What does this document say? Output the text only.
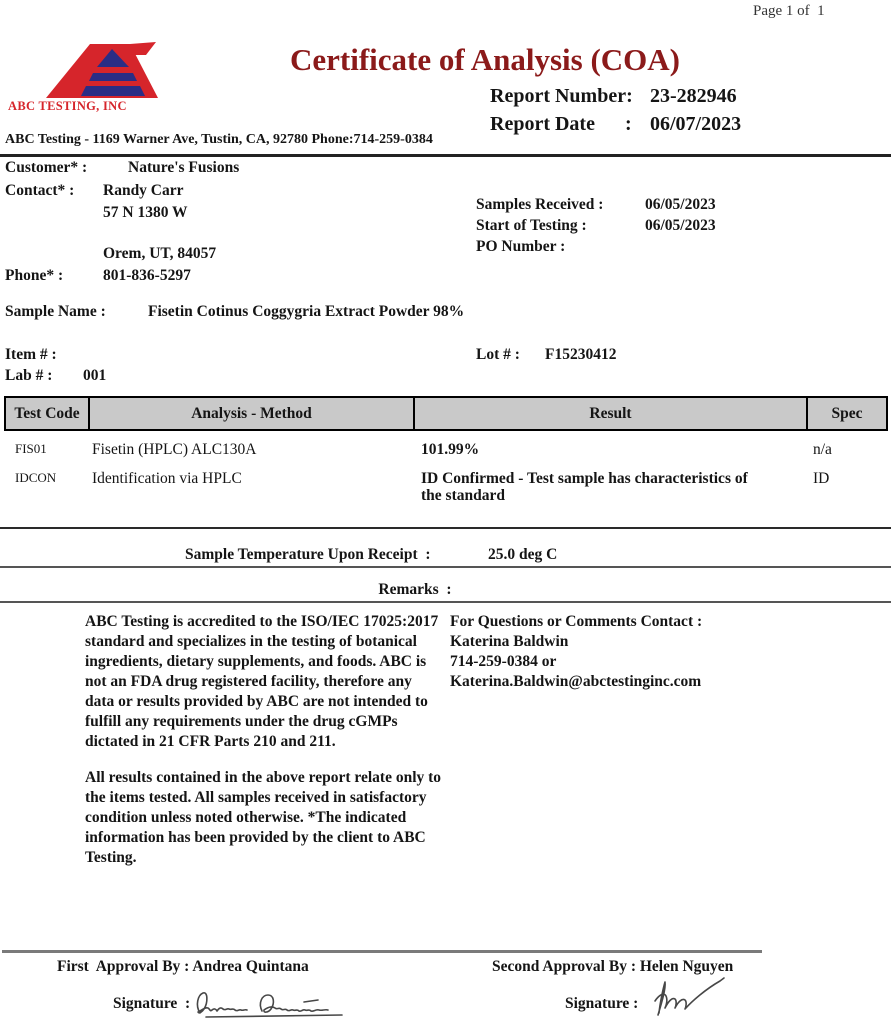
Page 1 of  1
ABC TESTING, INC
Certificate of Analysis (COA)
Report Number: 23-282946
Report Date      : 06/07/2023
ABC Testing - 1169 Warner Ave, Tustin, CA, 92780 Phone:714-259-0384
Customer* :	Nature's Fusions
Contact* : Randy Carr
57 N 1380 W
Orem, UT, 84057
Phone* :	801-836-5297
Samples Received :	06/05/2023
Start of Testing :	06/05/2023
PO Number :
Sample Name :	Fisetin Cotinus Coggygria Extract Powder 98%
Item # :	Lot # : F15230412
Lab # : 001
Test Code	Analysis - Method	Result	Spec
FIS01	Fisetin (HPLC) ALC130A	101.99%	n/a
IDCON	Identification via HPLC	ID Confirmed - Test sample has characteristics of the standard	ID
Sample Temperature Upon Receipt  :	25.0 deg C
Remarks  :
ABC Testing is accredited to the ISO/IEC 17025:2017 standard and specializes in the testing of botanical ingredients, dietary supplements, and foods. ABC is not an FDA drug registered facility, therefore any data or results provided by ABC are not intended to fulfill any requirements under the drug cGMPs dictated in 21 CFR Parts 210 and 211.
For Questions or Comments Contact :
Katerina Baldwin
714-259-0384 or
Katerina.Baldwin@abctestinginc.com
All results contained in the above report relate only to the items tested. All samples received in satisfactory condition unless noted otherwise. *The indicated information has been provided by the client to ABC Testing.
First  Approval By : Andrea Quintana	Second Approval By : Helen Nguyen
Signature  :	Signature :
